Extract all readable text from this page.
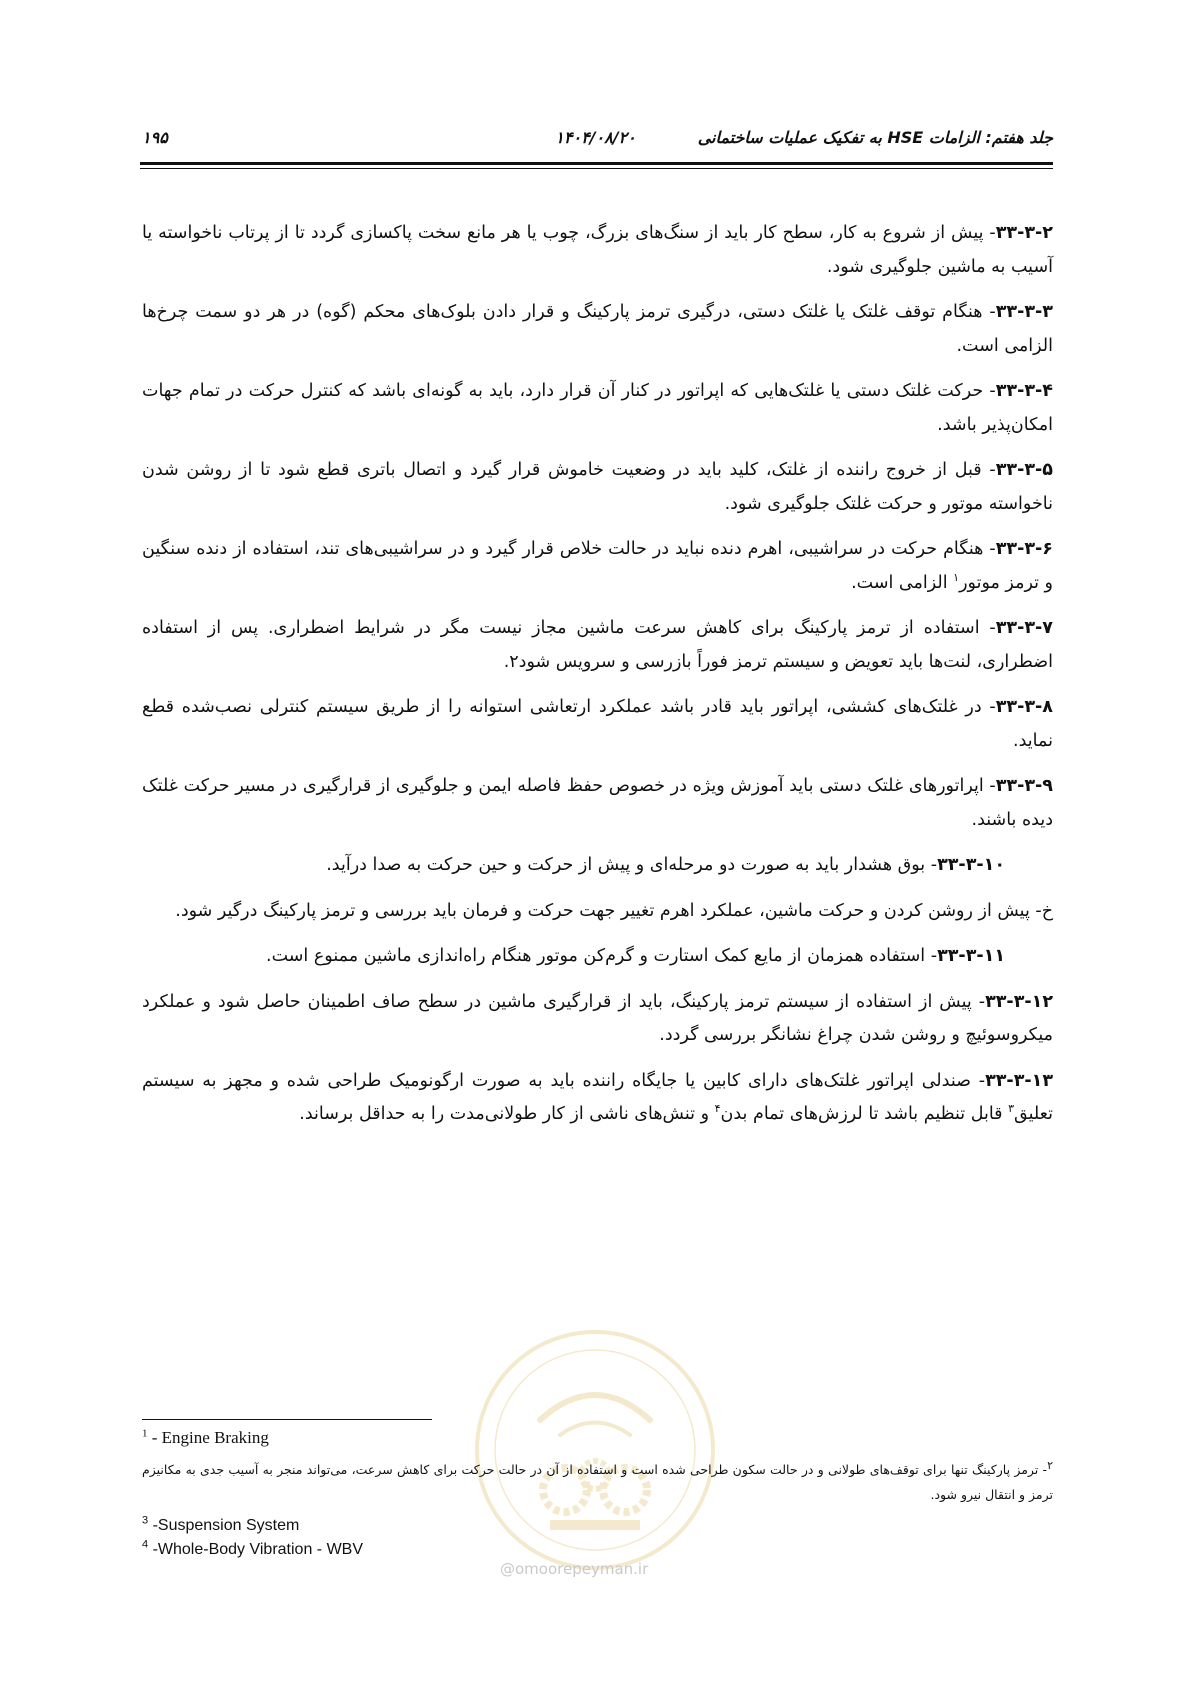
جلد هفتم: الزامات HSE به تفکیک عملیات ساختمانی
۱۴۰۴/۰۸/۲۰
۱۹۵

۳۳-۳-۲- پیش از شروع به کار، سطح کار باید از سنگ‌های بزرگ، چوب یا هر مانع سخت پاکسازی گردد تا از پرتاب ناخواسته یا آسیب به ماشین جلوگیری شود.

۳۳-۳-۳- هنگام توقف غلتک یا غلتک دستی، درگیری ترمز پارکینگ و قرار دادن بلوک‌های محکم (گوه) در هر دو سمت چرخ‌ها الزامی است.

۳۳-۳-۴- حرکت غلتک دستی یا غلتک‌هایی که اپراتور در کنار آن قرار دارد، باید به گونه‌ای باشد که کنترل حرکت در تمام جهات امکان‌پذیر باشد.

۳۳-۳-۵- قبل از خروج راننده از غلتک، کلید باید در وضعیت خاموش قرار گیرد و اتصال باتری قطع شود تا از روشن شدن ناخواسته موتور و حرکت غلتک جلوگیری شود.

۳۳-۳-۶- هنگام حرکت در سراشیبی، اهرم دنده نباید در حالت خلاص قرار گیرد و در سراشیبی‌های تند، استفاده از دنده سنگین و ترمز موتور$^۱$ الزامی است.

۳۳-۳-۷- استفاده از ترمز پارکینگ برای کاهش سرعت ماشین مجاز نیست مگر در شرایط اضطراری. پس از استفاده اضطراری، لنت‌ها باید تعویض و سیستم ترمز فوراً بازرسی و سرویس شود۲.

۳۳-۳-۸- در غلتک‌های کششی، اپراتور باید قادر باشد عملکرد ارتعاشی استوانه را از طریق سیستم کنترلی نصب‌شده قطع نماید.

۳۳-۳-۹- اپراتورهای غلتک دستی باید آموزش ویژه در خصوص حفظ فاصله ایمن و جلوگیری از قرارگیری در مسیر حرکت غلتک دیده باشند.

۳۳-۳-۱۰- بوق هشدار باید به صورت دو مرحله‌ای و پیش از حرکت و حین حرکت به صدا درآید.

خ- پیش از روشن کردن و حرکت ماشین، عملکرد اهرم تغییر جهت حرکت و فرمان باید بررسی و ترمز پارکینگ درگیر شود.

۳۳-۳-۱۱- استفاده همزمان از مایع کمک استارت و گرم‌کن موتور هنگام راه‌اندازی ماشین ممنوع است.

۳۳-۳-۱۲- پیش از استفاده از سیستم ترمز پارکینگ، باید از قرارگیری ماشین در سطح صاف اطمینان حاصل شود و عملکرد میکروسوئیچ و روشن شدن چراغ نشانگر بررسی گردد.

۳۳-۳-۱۳- صندلی اپراتور غلتک‌های دارای کابین یا جایگاه راننده باید به صورت ارگونومیک طراحی شده و مجهز به سیستم تعلیق$^۳$ قابل تنظیم باشد تا لرزش‌های تمام بدن$^۴$ و تنش‌های ناشی از کار طولانی‌مدت را به حداقل برساند.

@omoorepeyman.ir
$^1$ - Engine Braking
$^۲$- ترمز پارکینگ تنها برای توقف‌های طولانی و در حالت سکون طراحی شده است و استفاده از آن در حالت حرکت برای کاهش سرعت، می‌تواند منجر به آسیب جدی به مکانیزم ترمز و انتقال نیرو شود.
$^3$ -Suspension System
$^4$ -Whole-Body Vibration - WBV
